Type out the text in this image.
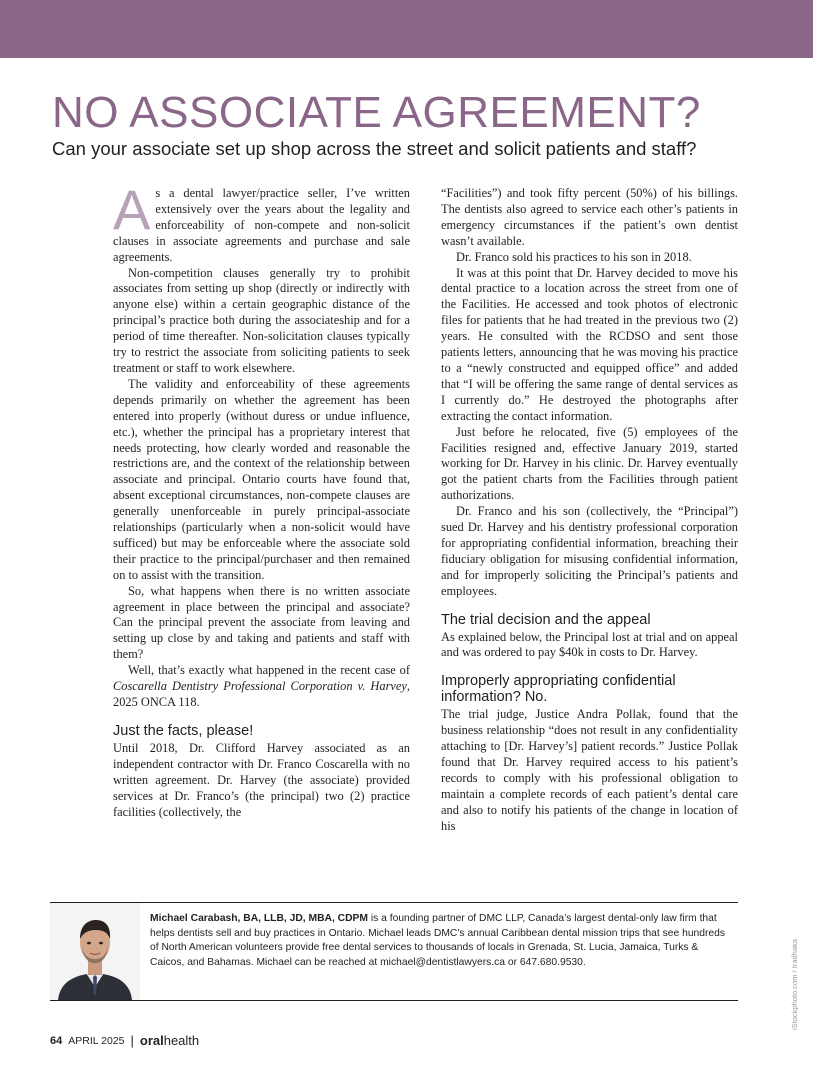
NO ASSOCIATE AGREEMENT?
Can your associate set up shop across the street and solicit patients and staff?

As a dental lawyer/practice seller, I’ve written extensively over the years about the legality and enforceability of non-compete and non-solicit clauses in associate agreements and purchase and sale agreements.

Non-competition clauses generally try to prohibit associates from setting up shop (directly or indirectly with anyone else) within a certain geographic distance of the principal’s practice both during the associateship and for a period of time thereafter. Non-solicitation clauses typically try to restrict the associate from soliciting patients to seek treatment or staff to work elsewhere.

The validity and enforceability of these agreements depends primarily on whether the agreement has been entered into properly (without duress or undue influence, etc.), whether the principal has a proprietary interest that needs protecting, how clearly worded and reasonable the restrictions are, and the context of the relationship between associate and principal. Ontario courts have found that, absent exceptional circumstances, non-compete clauses are generally unenforceable in purely principal-associate relationships (particularly when a non-solicit would have sufficed) but may be enforceable where the associate sold their practice to the principal/purchaser and then remained on to assist with the transition.

So, what happens when there is no written associate agreement in place between the principal and associate? Can the principal prevent the associate from leaving and setting up close by and taking and patients and staff with them?

Well, that’s exactly what happened in the recent case of Coscarella Dentistry Professional Corporation v. Harvey, 2025 ONCA 118.

Just the facts, please!

Until 2018, Dr. Clifford Harvey associated as an independent contractor with Dr. Franco Coscarella with no written agreement. Dr. Harvey (the associate) provided services at Dr. Franco’s (the principal) two (2) practice facilities (collectively, the

“Facilities”) and took fifty percent (50%) of his billings. The dentists also agreed to service each other’s patients in emergency circumstances if the patient’s own dentist wasn’t available.

Dr. Franco sold his practices to his son in 2018.

It was at this point that Dr. Harvey decided to move his dental practice to a location across the street from one of the Facilities. He accessed and took photos of electronic files for patients that he had treated in the previous two (2) years. He consulted with the RCDSO and sent those patients letters, announcing that he was moving his practice to a “newly constructed and equipped office” and added that “I will be offering the same range of dental services as I currently do.” He destroyed the photographs after extracting the contact information.

Just before he relocated, five (5) employees of the Facilities resigned and, effective January 2019, started working for Dr. Harvey in his clinic. Dr. Harvey eventually got the patient charts from the Facilities through patient authorizations.

Dr. Franco and his son (collectively, the “Principal”) sued Dr. Harvey and his dentistry professional corporation for appropriating confidential information, breaching their fiduciary obligation for misusing confidential information, and for improperly soliciting the Principal’s patients and employees.

The trial decision and the appeal

As explained below, the Principal lost at trial and on appeal and was ordered to pay $40k in costs to Dr. Harvey.

Improperly appropriating confidential information? No.

The trial judge, Justice Andra Pollak, found that the business relationship “does not result in any confidentiality attaching to [Dr. Harvey’s] patient records.” Justice Pollak found that Dr. Harvey required access to his patient’s records to comply with his professional obligation to maintain a complete records of each patient’s dental care and also to notify his patients of the change in location of his

Michael Carabash, BA, LLB, JD, MBA, CDPM is a founding partner of DMC LLP, Canada’s largest dental-only law firm that helps dentists sell and buy practices in Ontario. Michael leads DMC’s annual Caribbean dental mission trips that see hundreds of North American volunteers provide free dental services to thousands of locals in Grenada, St. Lucia, Jamaica, Turks & Caicos, and Bahamas. Michael can be reached at michael@dentistlawyers.ca or 647.680.9530.	iStockphoto.com / Iradhaka
64 APRIL 2025 | oral health
